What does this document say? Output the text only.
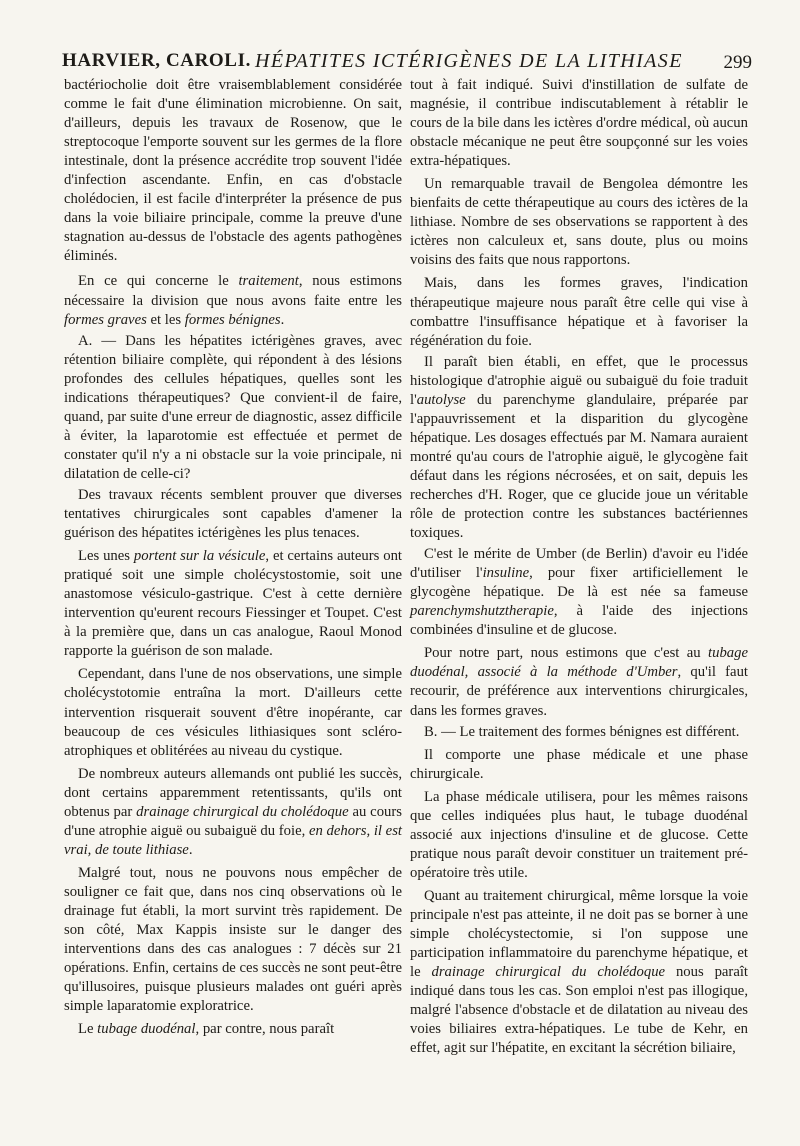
HARVIER, CAROLI. HÉPATITES ICTÉRIGÈNES DE LA LITHIASE 299

bactériocholie doit être vraisemblablement considérée comme le fait d'une élimination microbienne. On sait, d'ailleurs, depuis les travaux de Rosenow, que le streptocoque l'emporte souvent sur les germes de la flore intestinale, dont la présence accrédite trop souvent l'idée d'infection ascendante. Enfin, en cas d'obstacle cholédocien, il est facile d'interpréter la présence de pus dans la voie biliaire principale, comme la preuve d'une stagnation au-dessus de l'obstacle des agents pathogènes éliminés.

En ce qui concerne le traitement, nous estimons nécessaire la division que nous avons faite entre les formes graves et les formes bénignes.

A. — Dans les hépatites ictérigènes graves, avec rétention biliaire complète, qui répondent à des lésions profondes des cellules hépatiques, quelles sont les indications thérapeutiques? Que convient-il de faire, quand, par suite d'une erreur de diagnostic, assez difficile à éviter, la laparotomie est effectuée et permet de constater qu'il n'y a ni obstacle sur la voie principale, ni dilatation de celle-ci?

Des travaux récents semblent prouver que diverses tentatives chirurgicales sont capables d'amener la guérison des hépatites ictérigènes les plus tenaces.

Les unes portent sur la vésicule, et certains auteurs ont pratiqué soit une simple cholécystostomie, soit une anastomose vésiculo-gastrique. C'est à cette dernière intervention qu'eurent recours Fiessinger et Toupet. C'est à la première que, dans un cas analogue, Raoul Monod rapporte la guérison de son malade.

Cependant, dans l'une de nos observations, une simple cholécystotomie entraîna la mort. D'ailleurs cette intervention risquerait souvent d'être inopérante, car beaucoup de ces vésicules lithiasiques sont scléro-atrophiques et oblitérées au niveau du cystique.

De nombreux auteurs allemands ont publié les succès, dont certains apparemment retentissants, qu'ils ont obtenus par drainage chirurgical du cholédoque au cours d'une atrophie aiguë ou subaiguë du foie, en dehors, il est vrai, de toute lithiase.

Malgré tout, nous ne pouvons nous empêcher de souligner ce fait que, dans nos cinq observations où le drainage fut établi, la mort survint très rapidement. De son côté, Max Kappis insiste sur le danger des interventions dans des cas analogues : 7 décès sur 21 opérations. Enfin, certains de ces succès ne sont peut-être qu'illusoires, puisque plusieurs malades ont guéri après simple laparatomie exploratrice.

Le tubage duodénal, par contre, nous paraît

tout à fait indiqué. Suivi d'instillation de sulfate de magnésie, il contribue indiscutablement à rétablir le cours de la bile dans les ictères d'ordre médical, où aucun obstacle mécanique ne peut être soupçonné sur les voies extra-hépatiques.

Un remarquable travail de Bengolea démontre les bienfaits de cette thérapeutique au cours des ictères de la lithiase. Nombre de ses observations se rapportent à des ictères non calculeux et, sans doute, plus ou moins voisins des faits que nous rapportons.

Mais, dans les formes graves, l'indication thérapeutique majeure nous paraît être celle qui vise à combattre l'insuffisance hépatique et à favoriser la régénération du foie.

Il paraît bien établi, en effet, que le processus histologique d'atrophie aiguë ou subaiguë du foie traduit l'autolyse du parenchyme glandulaire, préparée par l'appauvrissement et la disparition du glycogène hépatique. Les dosages effectués par M. Namara auraient montré qu'au cours de l'atrophie aiguë, le glycogène fait défaut dans les régions nécrosées, et on sait, depuis les recherches d'H. Roger, que ce glucide joue un véritable rôle de protection contre les substances bactériennes toxiques.

C'est le mérite de Umber (de Berlin) d'avoir eu l'idée d'utiliser l'insuline, pour fixer artificiellement le glycogène hépatique. De là est née sa fameuse parenchymshutztherapie, à l'aide des injections combinées d'insuline et de glucose.

Pour notre part, nous estimons que c'est au tubage duodénal, associé à la méthode d'Umber, qu'il faut recourir, de préférence aux interventions chirurgicales, dans les formes graves.

B. — Le traitement des formes bénignes est différent.

Il comporte une phase médicale et une phase chirurgicale.

La phase médicale utilisera, pour les mêmes raisons que celles indiquées plus haut, le tubage duodénal associé aux injections d'insuline et de glucose. Cette pratique nous paraît devoir constituer un traitement pré-opératoire très utile.

Quant au traitement chirurgical, même lorsque la voie principale n'est pas atteinte, il ne doit pas se borner à une simple cholécystectomie, si l'on suppose une participation inflammatoire du parenchyme hépatique, et le drainage chirurgical du cholédoque nous paraît indiqué dans tous les cas. Son emploi n'est pas illogique, malgré l'absence d'obstacle et de dilatation au niveau des voies biliaires extra-hépatiques. Le tube de Kehr, en effet, agit sur l'hépatite, en excitant la sécrétion biliaire,
